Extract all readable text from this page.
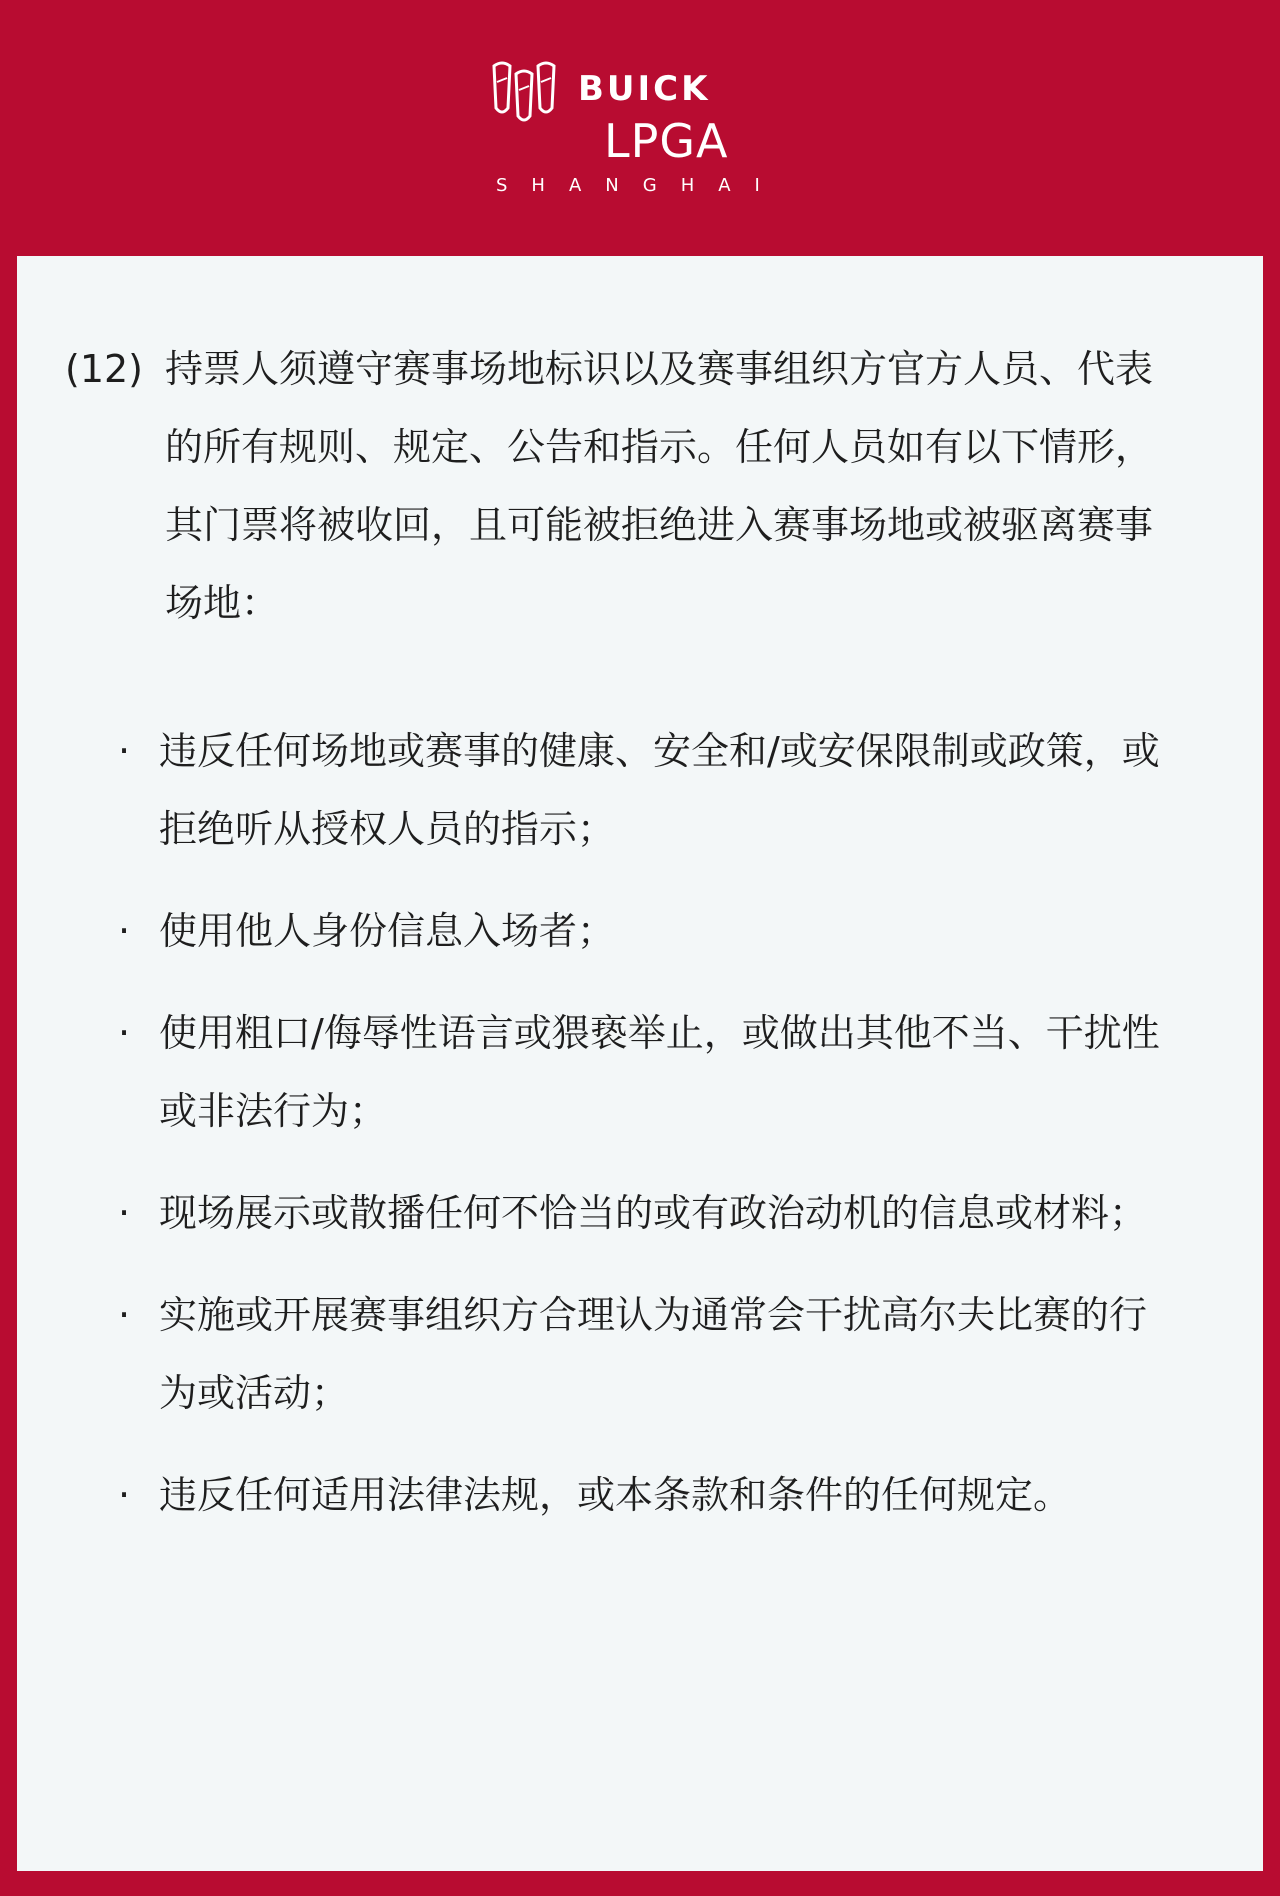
BUICK
LPGA
SHANGHAI
(12) 持票人须遵守赛事场地标识以及赛事组织方官方人员、代表的所有规则、规定、公告和指示。任何人员如有以下情形，其门票将被收回，且可能被拒绝进入赛事场地或被驱离赛事场地：
· 违反任何场地或赛事的健康、安全和/或安保限制或政策，或拒绝听从授权人员的指示；
· 使用他人身份信息入场者；
· 使用粗口/侮辱性语言或猥亵举止，或做出其他不当、干扰性或非法行为；
· 现场展示或散播任何不恰当的或有政治动机的信息或材料；
· 实施或开展赛事组织方合理认为通常会干扰高尔夫比赛的行为或活动；
· 违反任何适用法律法规，或本条款和条件的任何规定。
